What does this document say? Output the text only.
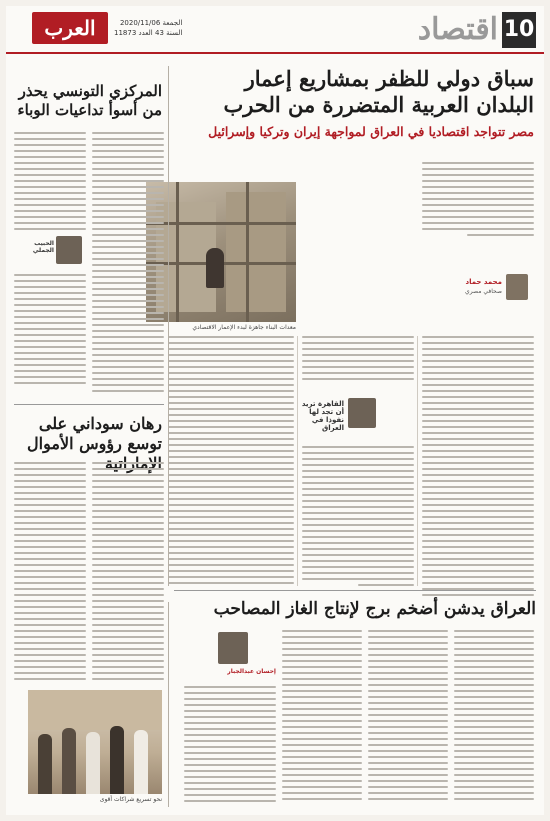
10
اقتصاد
الجمعة 2020/11/06
السنة 43 العدد 11873
العرب
سباق دولي للظفر بمشاريع إعمار البلدان العربية المتضررة من الحرب
مصر تتواجد اقتصاديا في العراق لمواجهة إيران وتركيا وإسرائيل
محمد حماد
صحافي مصري
معدات البناء جاهزة لبدء الإعمار الاقتصادي
القاهرة تريد أن تجد لها نفوذا في العراق
المركزي التونسي يحذر من أسوأ تداعيات الوباء
الحبيب الجملي
رهان سوداني على توسع رؤوس الأموال
نحو تسريع شراكات أقوى
العراق يدشن أضخم برج لإنتاج الغاز المصاحب
إحسان عبدالجبار
